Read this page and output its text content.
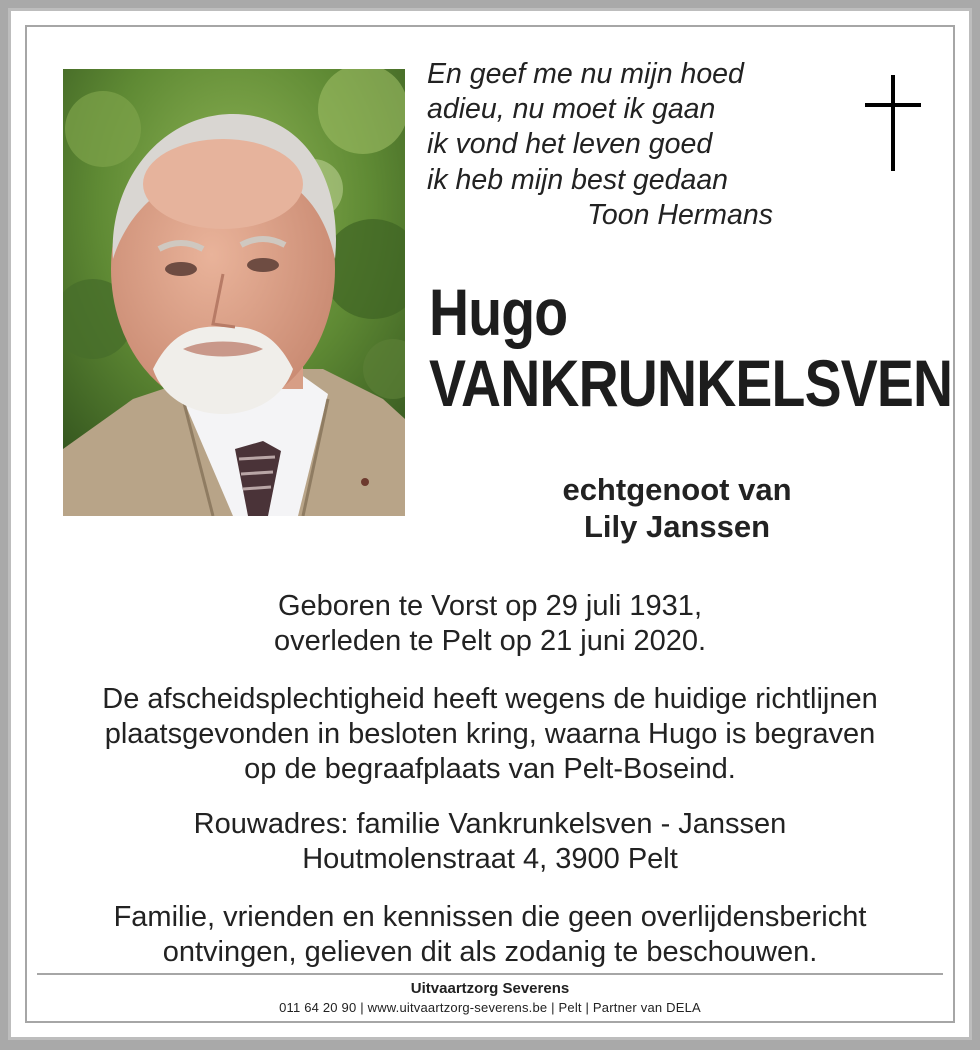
En geef me nu mijn hoed
adieu, nu moet ik gaan
ik vond het leven goed
ik heb mijn best gedaan
Toon Hermans
Hugo
VANKRUNKELSVEN
echtgenoot van
Lily Janssen
Geboren te Vorst op 29 juli 1931,
overleden te Pelt op 21 juni 2020.
De afscheidsplechtigheid heeft wegens de huidige richtlijnen
plaatsgevonden in besloten kring, waarna Hugo is begraven
op de begraafplaats van Pelt-Boseind.
Rouwadres: familie Vankrunkelsven - Janssen
Houtmolenstraat 4, 3900 Pelt
Familie, vrienden en kennissen die geen overlijdensbericht
ontvingen, gelieven dit als zodanig te beschouwen.
Uitvaartzorg Severens
011 64 20 90 | www.uitvaartzorg-severens.be | Pelt | Partner van DELA
